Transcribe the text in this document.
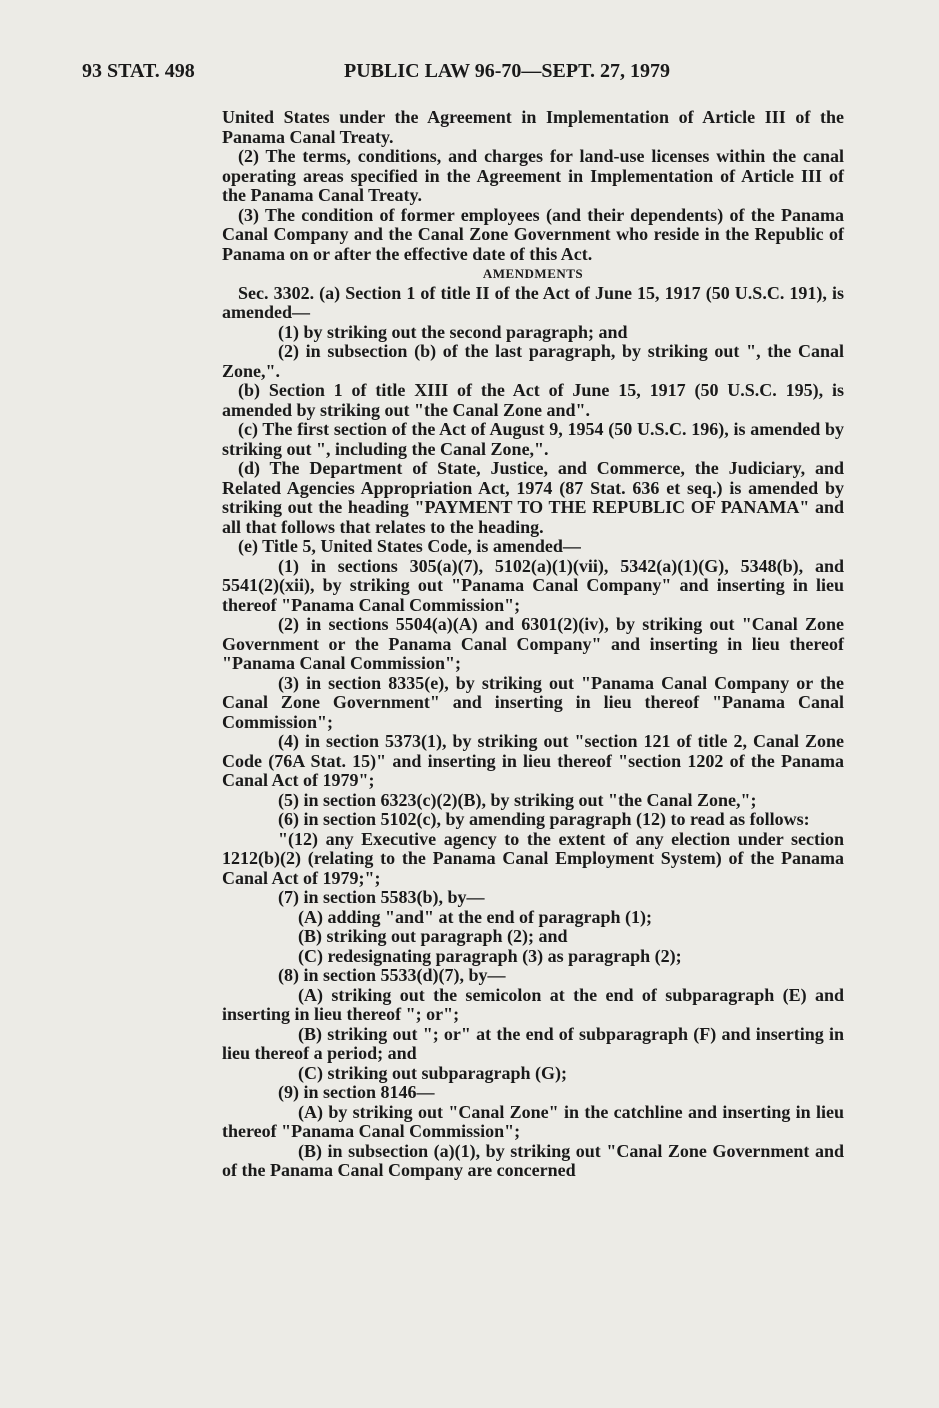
93 STAT. 498	PUBLIC LAW 96-70—SEPT. 27, 1979

United States under the Agreement in Implementation of Article III of the Panama Canal Treaty.

(2) The terms, conditions, and charges for land-use licenses within the canal operating areas specified in the Agreement in Implementation of Article III of the Panama Canal Treaty.

(3) The condition of former employees (and their dependents) of the Panama Canal Company and the Canal Zone Government who reside in the Republic of Panama on or after the effective date of this Act.

AMENDMENTS

Sec. 3302. (a) Section 1 of title II of the Act of June 15, 1917 (50 U.S.C. 191), is amended—

(1) by striking out the second paragraph; and

(2) in subsection (b) of the last paragraph, by striking out ", the Canal Zone,".

(b) Section 1 of title XIII of the Act of June 15, 1917 (50 U.S.C. 195), is amended by striking out "the Canal Zone and".

(c) The first section of the Act of August 9, 1954 (50 U.S.C. 196), is amended by striking out ", including the Canal Zone,".

(d) The Department of State, Justice, and Commerce, the Judiciary, and Related Agencies Appropriation Act, 1974 (87 Stat. 636 et seq.) is amended by striking out the heading "PAYMENT TO THE REPUBLIC OF PANAMA" and all that follows that relates to the heading.

(e) Title 5, United States Code, is amended—

(1) in sections 305(a)(7), 5102(a)(1)(vii), 5342(a)(1)(G), 5348(b), and 5541(2)(xii), by striking out "Panama Canal Company" and inserting in lieu thereof "Panama Canal Commission";

(2) in sections 5504(a)(A) and 6301(2)(iv), by striking out "Canal Zone Government or the Panama Canal Company" and inserting in lieu thereof "Panama Canal Commission";

(3) in section 8335(e), by striking out "Panama Canal Company or the Canal Zone Government" and inserting in lieu thereof "Panama Canal Commission";

(4) in section 5373(1), by striking out "section 121 of title 2, Canal Zone Code (76A Stat. 15)" and inserting in lieu thereof "section 1202 of the Panama Canal Act of 1979";

(5) in section 6323(c)(2)(B), by striking out "the Canal Zone,";

(6) in section 5102(c), by amending paragraph (12) to read as follows:

"(12) any Executive agency to the extent of any election under section 1212(b)(2) (relating to the Panama Canal Employment System) of the Panama Canal Act of 1979;";

(7) in section 5583(b), by—

(A) adding "and" at the end of paragraph (1);

(B) striking out paragraph (2); and

(C) redesignating paragraph (3) as paragraph (2);

(8) in section 5533(d)(7), by—

(A) striking out the semicolon at the end of subparagraph (E) and inserting in lieu thereof "; or";

(B) striking out "; or" at the end of subparagraph (F) and inserting in lieu thereof a period; and

(C) striking out subparagraph (G);

(9) in section 8146—

(A) by striking out "Canal Zone" in the catchline and inserting in lieu thereof "Panama Canal Commission";

(B) in subsection (a)(1), by striking out "Canal Zone Government and of the Panama Canal Company are concerned
